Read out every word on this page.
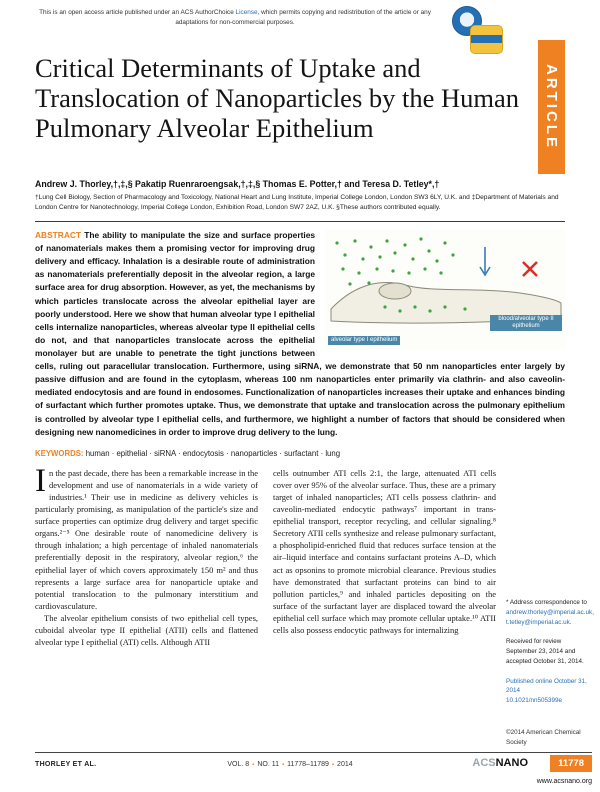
This is an open access article published under an ACS AuthorChoice License, which permits copying and redistribution of the article or any adaptations for non-commercial purposes.
ARTICLE
Critical Determinants of Uptake and Translocation of Nanoparticles by the Human Pulmonary Alveolar Epithelium
Andrew J. Thorley,†,‡,§ Pakatip Ruenraroengsak,†,‡,§ Thomas E. Potter,† and Teresa D. Tetley*,†
†Lung Cell Biology, Section of Pharmacology and Toxicology, National Heart and Lung Institute, Imperial College London, London SW3 6LY, U.K. and ‡Department of Materials and London Centre for Nanotechnology, Imperial College London, Exhibition Road, London SW7 2AZ, U.K. §These authors contributed equally.
alveolar type I epithelium
blood/alveolar type II epithelium

ABSTRACT The ability to manipulate the size and surface properties of nanomaterials makes them a promising vector for improving drug delivery and efficacy. Inhalation is a desirable route of administration as nanomaterials preferentially deposit in the alveolar region, a large surface area for drug absorption. However, as yet, the mechanisms by which particles translocate across the alveolar epithelial layer are poorly understood. Here we show that human alveolar type I epithelial cells internalize nanoparticles, whereas alveolar type II epithelial cells do not, and that nanoparticles translocate across the epithelial monolayer but are unable to penetrate the tight junctions between cells, ruling out paracellular translocation. Furthermore, using siRNA, we demonstrate that 50 nm nanoparticles enter largely by passive diffusion and are found in the cytoplasm, whereas 100 nm nanoparticles enter primarily via clathrin- and also caveolin-mediated endocytosis and are found in endosomes. Functionalization of nanoparticles increases their uptake and enhances binding of surfactant which further promotes uptake. Thus, we demonstrate that uptake and translocation across the pulmonary epithelium is controlled by alveolar type I epithelial cells, and furthermore, we highlight a number of factors that should be considered when designing new nanomedicines in order to improve drug delivery to the lung.

KEYWORDS: human · epithelial · siRNA · endocytosis · nanoparticles · surfactant · lung

In the past decade, there has been a remarkable increase in the development and use of nanomaterials in a wide variety of industries.¹ Their use in medicine as delivery vehicles is particularly promising, as manipulation of the particle's size and surface properties can optimize drug delivery and target specific organs.²⁻⁵ One desirable route of nanomedicine delivery is through inhalation; a high percentage of inhaled nanomaterials preferentially deposit in the respiratory, alveolar region,⁶ the epithelial layer of which covers approximately 150 m² and thus represents a large surface area for nanoparticle uptake and potential translocation to the pulmonary interstitium and cardiovasculature.

The alveolar epithelium consists of two epithelial cell types, cuboidal alveolar type II epithelial (ATII) cells and flattened alveolar type I epithelial (ATI) cells. Although ATII

cells outnumber ATI cells 2:1, the large, attenuated ATI cells cover over 95% of the alveolar surface. Thus, these are a primary target of inhaled nanoparticles; ATI cells possess clathrin- and caveolin-mediated endocytic pathways⁷ important in trans-epithelial transport, receptor recycling, and cellular signaling.⁸ Secretory ATII cells synthesize and release pulmonary surfactant, a phospholipid-enriched fluid that reduces surface tension at the air–liquid interface and contains surfactant proteins A–D, which act as opsonins to promote microbial clearance. Previous studies have demonstrated that surfactant proteins can bind to air pollution particles,⁹ and inhaled particles depositing on the surface of the surfactant layer are displaced toward the alveolar epithelial cell surface which may promote cellular uptake.¹⁰ ATII cells also possess endocytic pathways for internalizing

* Address correspondence to andrew.thorley@imperial.ac.uk, t.tetley@imperial.ac.uk.
Received for review September 23, 2014 and accepted October 31, 2014.
Published online October 31, 2014
10.1021/nn505399e
©2014 American Chemical Society
THORLEY ET AL.	VOL. 8 ▪ NO. 11 ▪ 11778–11789 ▪ 2014	ACSNANO	11778
www.acsnano.org
